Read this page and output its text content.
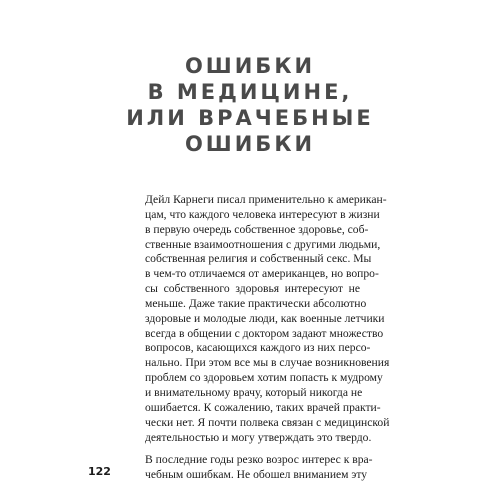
ОШИБКИ
В МЕДИЦИНЕ,
ИЛИ ВРАЧЕБНЫЕ
ОШИБКИ

Дейл Карнеги писал применительно к американ-
цам, что каждого человека интересуют в жизни
в первую очередь собственное здоровье, соб-
ственные взаимоотношения с другими людьми,
собственная религия и собственный секс. Мы
в чем-то отличаемся от американцев, но вопро-
сы собственного здоровья интересуют не
меньше. Даже такие практически абсолютно
здоровые и молодые люди, как военные летчики
всегда в общении с доктором задают множество
вопросов, касающихся каждого из них персо-
нально. При этом все мы в случае возникновения
проблем со здоровьем хотим попасть к мудрому
и внимательному врачу, который никогда не
ошибается. К сожалению, таких врачей практи-
чески нет. Я почти полвека связан с медицинской
деятельностью и могу утверждать это твердо.

В последние годы резко возрос интерес к вра-
чебным ошибкам. Не обошел вниманием эту

122
